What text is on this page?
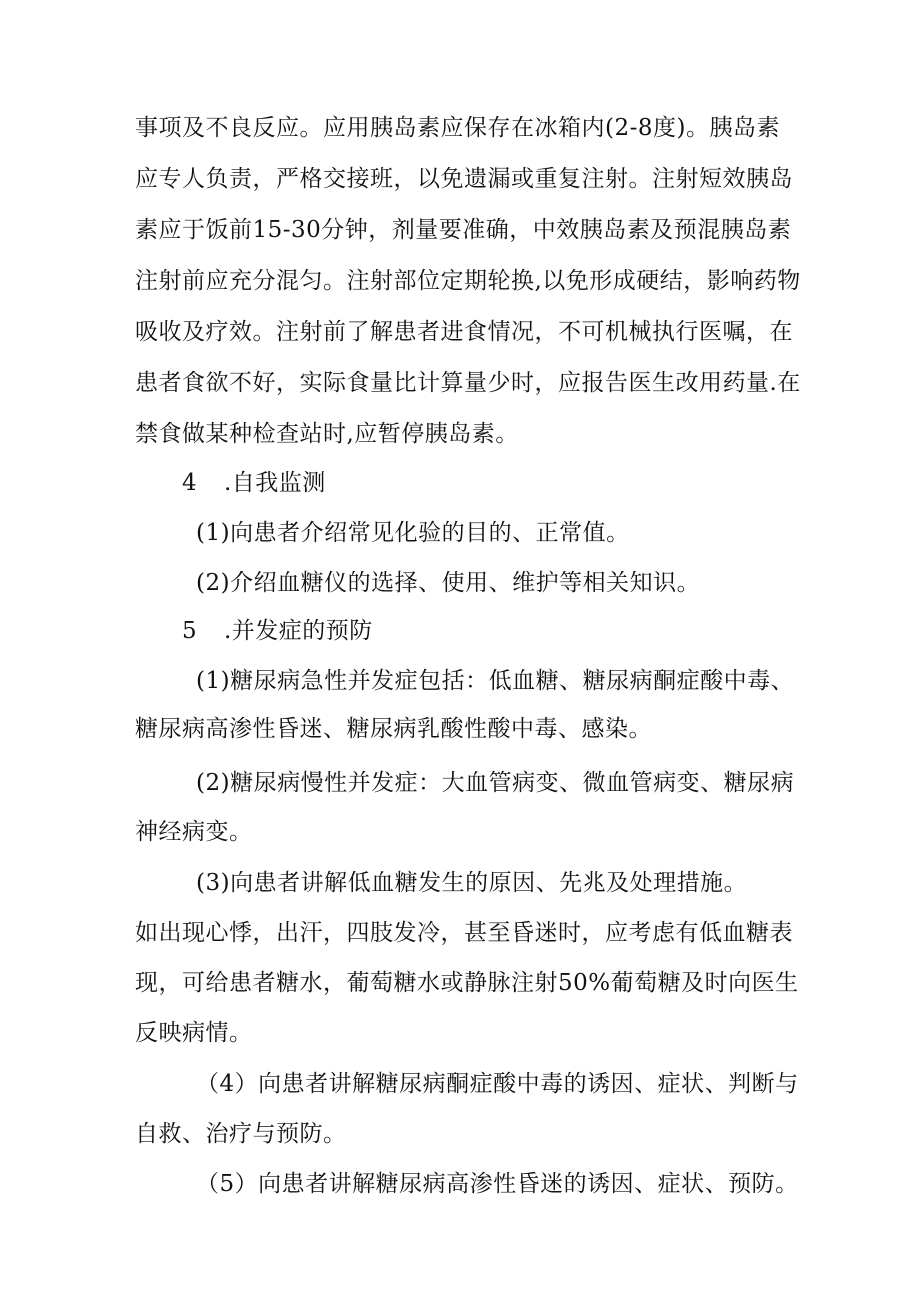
事项及不良反应。应用胰岛素应保存在冰箱内(2-8度)。胰岛素
应专人负责，严格交接班，以免遗漏或重复注射。注射短效胰岛
素应于饭前15-30分钟，剂量要准确，中效胰岛素及预混胰岛素
注射前应充分混匀。注射部位定期轮换,以免形成硬结，影响药物
吸收及疗效。注射前了解患者进食情况，不可机械执行医嘱，在
患者食欲不好，实际食量比计算量少时，应报告医生改用药量.在
禁食做某种检查站时,应暂停胰岛素。
4 .自我监测
(1)向患者介绍常见化验的目的、正常值。
(2)介绍血糖仪的选择、使用、维护等相关知识。
5 .并发症的预防
(1)糖尿病急性并发症包括：低血糖、糖尿病酮症酸中毒、
糖尿病高渗性昏迷、糖尿病乳酸性酸中毒、感染。
(2)糖尿病慢性并发症：大血管病变、微血管病变、糖尿病
神经病变。
(3)向患者讲解低血糖发生的原因、先兆及处理措施。
如出现心悸，出汗，四肢发冷，甚至昏迷时，应考虑有低血糖表
现，可给患者糖水，葡萄糖水或静脉注射50%葡萄糖及时向医生
反映病情。
（4）向患者讲解糖尿病酮症酸中毒的诱因、症状、判断与
自救、治疗与预防。
（5）向患者讲解糖尿病高渗性昏迷的诱因、症状、预防。
